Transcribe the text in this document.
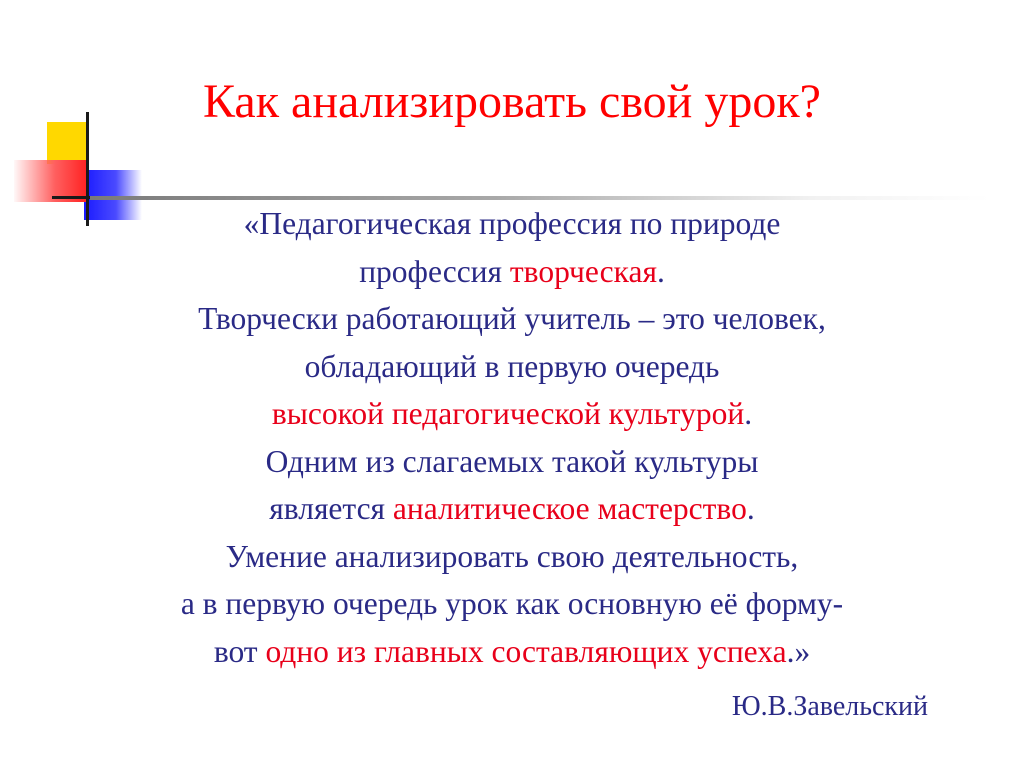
Как анализировать свой урок?
«Педагогическая профессия по природе
профессия творческая.
Творчески работающий учитель – это человек,
обладающий в первую очередь
высокой педагогической культурой.
Одним из слагаемых такой культуры
является аналитическое мастерство.
Умение анализировать свою деятельность,
а в первую очередь урок как основную её форму-
вот одно из главных составляющих успеха.»
Ю.В.Завельский
